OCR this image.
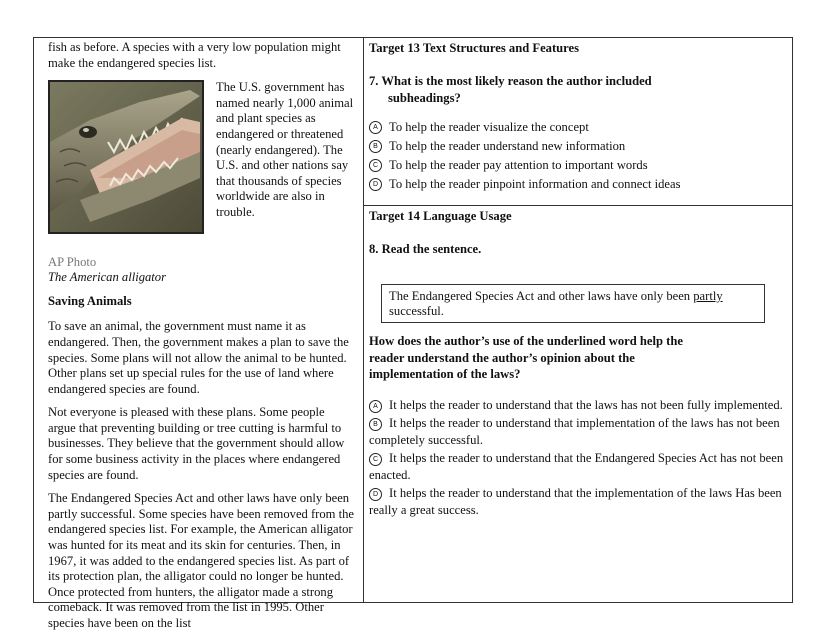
fish as before. A species with a very low population might make the endangered species list.

The U.S. government has named nearly 1,000 animal and plant species as endangered or threatened (nearly endangered). The U.S. and other nations say that thousands of species worldwide are also in trouble.

AP Photo
The American alligator
Saving Animals

To save an animal, the government must name it as endangered. Then, the government makes a plan to save the species. Some plans will not allow the animal to be hunted. Other plans set up special rules for the use of land where endangered species are found.

Not everyone is pleased with these plans. Some people argue that preventing building or tree cutting is harmful to businesses. They believe that the government should allow for some business activity in the places where endangered species are found.

The Endangered Species Act and other laws have only been partly successful. Some species have been removed from the endangered species list. For example, the American alligator was hunted for its meat and its skin for centuries. Then, in 1967, it was added to the endangered species list. As part of its protection plan, the alligator could no longer be hunted. Once protected from hunters, the alligator made a strong comeback. It was removed from the list in 1995. Other species have been on the list

Target 13 Text Structures and Features
7. What is the most likely reason the author included
subheadings?
A To help the reader visualize the concept
B To help the reader understand new information
C To help the reader pay attention to important words
D To help the reader pinpoint information and connect ideas
Target 14 Language Usage
8. Read the sentence.
The Endangered Species Act and other laws have only been partly successful.
How does the author’s use of the underlined word help the
reader understand the author’s opinion about the
implementation of the laws?
A It helps the reader to understand that the laws has not been fully implemented.
B It helps the reader to understand that implementation of the laws has not been completely successful.
C It helps the reader to understand that the Endangered Species Act has not been enacted.
D It helps the reader to understand that the implementation of the laws Has been really a great success.
